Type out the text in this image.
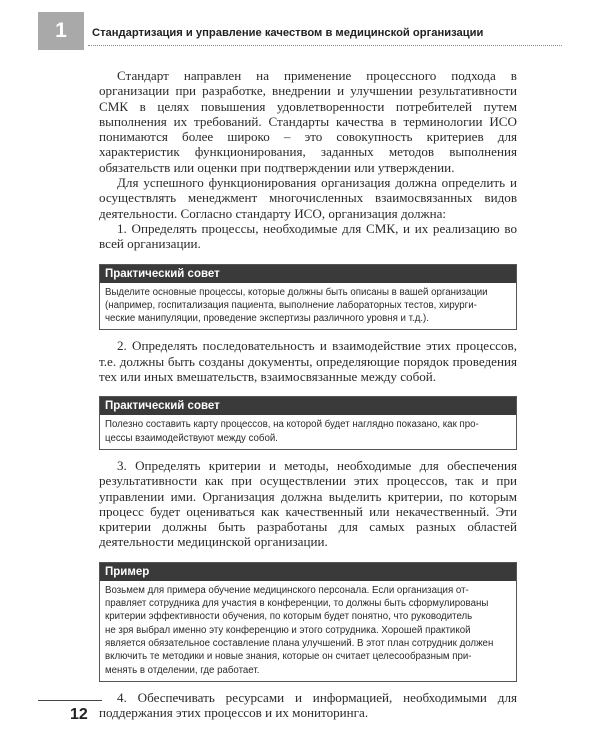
1	Стандартизация и управление качеством в медицинской организации

Стандарт направлен на применение процессного подхода в организации при разработке, внедрении и улучшении результативности СМК в целях повышения удовлетворенности потребителей путем выполнения их требований. Стандарты качества в терминологии ИСО понимаются более широко – это совокупность критериев для характеристик функционирования, заданных методов выполнения обязательств или оценки при подтверждении или утверждении.

Для успешного функционирования организация должна определить и осуществлять менеджмент многочисленных взаимосвязанных видов деятельности. Согласно стандарту ИСО, организация должна:

1. Определять процессы, необходимые для СМК, и их реализацию во всей организации.

Практический совет
Выделите основные процессы, которые должны быть описаны в вашей организации
(например, госпитализация пациента, выполнение лабораторных тестов, хирурги-
ческие манипуляции, проведение экспертизы различного уровня и т.д.).

2. Определять последовательность и взаимодействие этих процессов, т.е. должны быть созданы документы, определяющие порядок проведения тех или иных вмешательств, взаимосвязанные между собой.

Практический совет
Полезно составить карту процессов, на которой будет наглядно показано, как про-
цессы взаимодействуют между собой.

3. Определять критерии и методы, необходимые для обеспечения результативности как при осуществлении этих процессов, так и при управлении ими. Организация должна выделить критерии, по которым процесс будет оцениваться как качественный или некачественный. Эти критерии должны быть разработаны для самых разных областей деятельности медицинской организации.

Пример
Возьмем для примера обучение медицинского персонала. Если организация от-
правляет сотрудника для участия в конференции, то должны быть сформулированы
критерии эффективности обучения, по которым будет понятно, что руководитель
не зря выбрал именно эту конференцию и этого сотрудника. Хорошей практикой
является обязательное составление плана улучшений. В этот план сотрудник должен
включить те методики и новые знания, которые он считает целесообразным при-
менять в отделении, где работает.

4. Обеспечивать ресурсами и информацией, необходимыми для поддержания этих процессов и их мониторинга.

12
